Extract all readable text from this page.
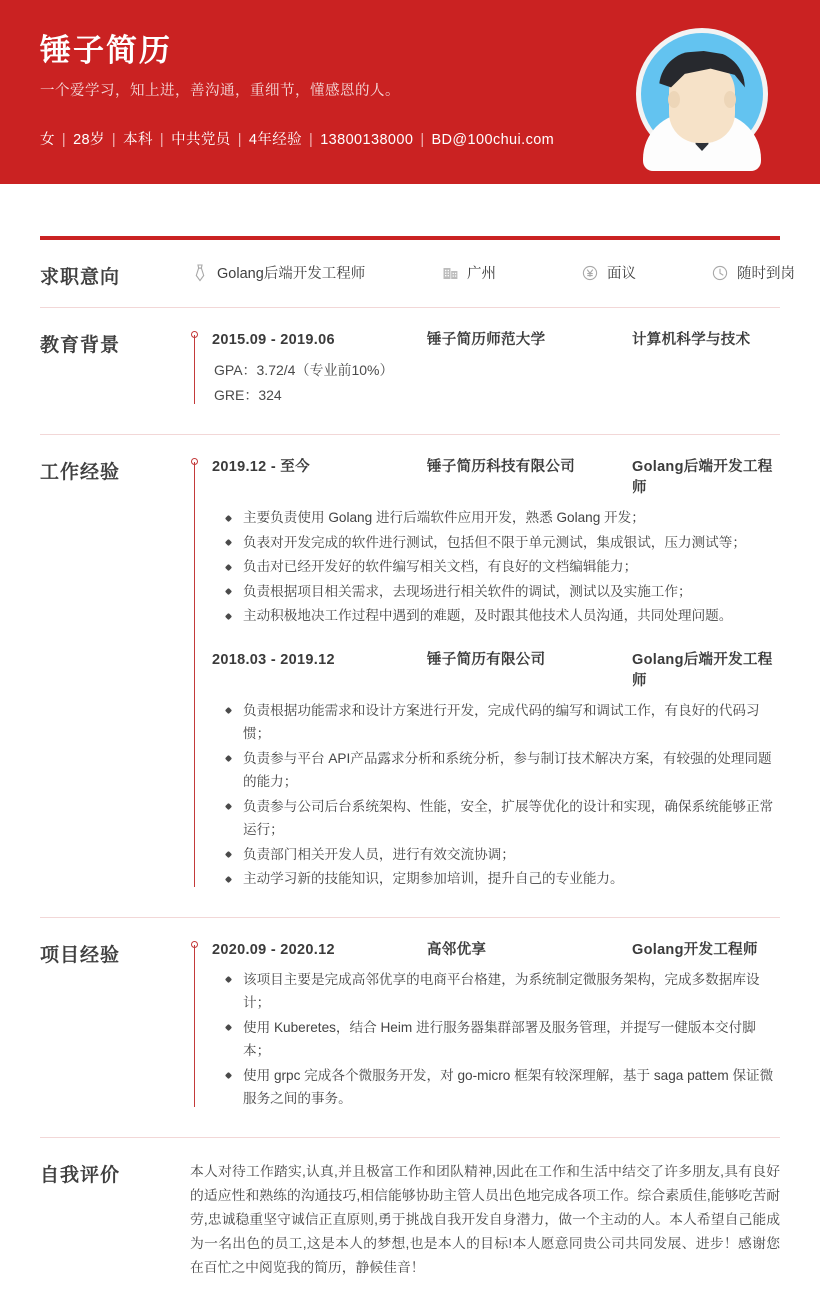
锤子简历
一个爱学习，知上进，善沟通，重细节，懂感恩的人。
女 | 28岁 | 本科 | 中共党员 | 4年经验 | 13800138000 | BD@100chui.com
求职意向	Golang后端开发工程师	广州	面议	随时到岗
教育背景	2015.09 - 2019.06	锤子简历师范大学	计算机科学与技术
GPA：3.72/4（专业前10%）
GRE：324
工作经验	2019.12 - 至今	锤子简历科技有限公司	Golang后端开发工程师
主要负责使用 Golang 进行后端软件应用开发，熟悉 Golang 开发；
负表对开发完成的软件进行测试，包括但不限于单元测试，集成银试，压力测试等；
负击对已经开发好的软件编写相关文档，有良好的文档编辑能力；
负责根据项目相关需求，去现场进行相关软件的调试，测试以及实施工作；
主动积极地决工作过程中遇到的难题，及时跟其他技术人员沟通，共同处理问题。
2018.03 - 2019.12	锤子简历有限公司	Golang后端开发工程师
负责根据功能需求和设计方案进行开发，完成代码的编写和调试工作，有良好的代码习惯；
负责参与平台 API产品露求分析和系统分析，参与制订技术解决方案，有较强的处理同题的能力；
负责参与公司后台系统架构、性能，安全，扩展等优化的设计和实现，确保系统能够正常运行；
负责部门相关开发人员，进行有效交流协调；
主动学习新的技能知识，定期参加培训，提升自己的专业能力。
项目经验	2020.09 - 2020.12	高邻优享	Golang开发工程师
该项目主要是完成高邻优享的电商平台格建，为系统制定微服务架构，完成多数据库设计；
使用 Kuberetes，结合 Heim 进行服务器集群部署及服务管理，并提写一健版本交付脚本；
使用 grpc 完成各个微服务开发，对 go-micro 框架有较深理解，基于 saga pattem 保证微服务之间的事务。
自我评价	本人对待工作踏实,认真,并且极富工作和团队精神,因此在工作和生活中结交了许多朋友,具有良好的适应性和熟练的沟通技巧,相信能够协助主管人员出色地完成各项工作。综合素质佳,能够吃苦耐劳,忠诚稳重坚守诚信正直原则,勇于挑战自我开发自身潜力，做一个主动的人。本人希望自己能成为一名出色的员工,这是本人的梦想,也是本人的目标!本人愿意同贵公司共同发展、进步！感谢您在百忙之中阅览我的简历，静候佳音！
